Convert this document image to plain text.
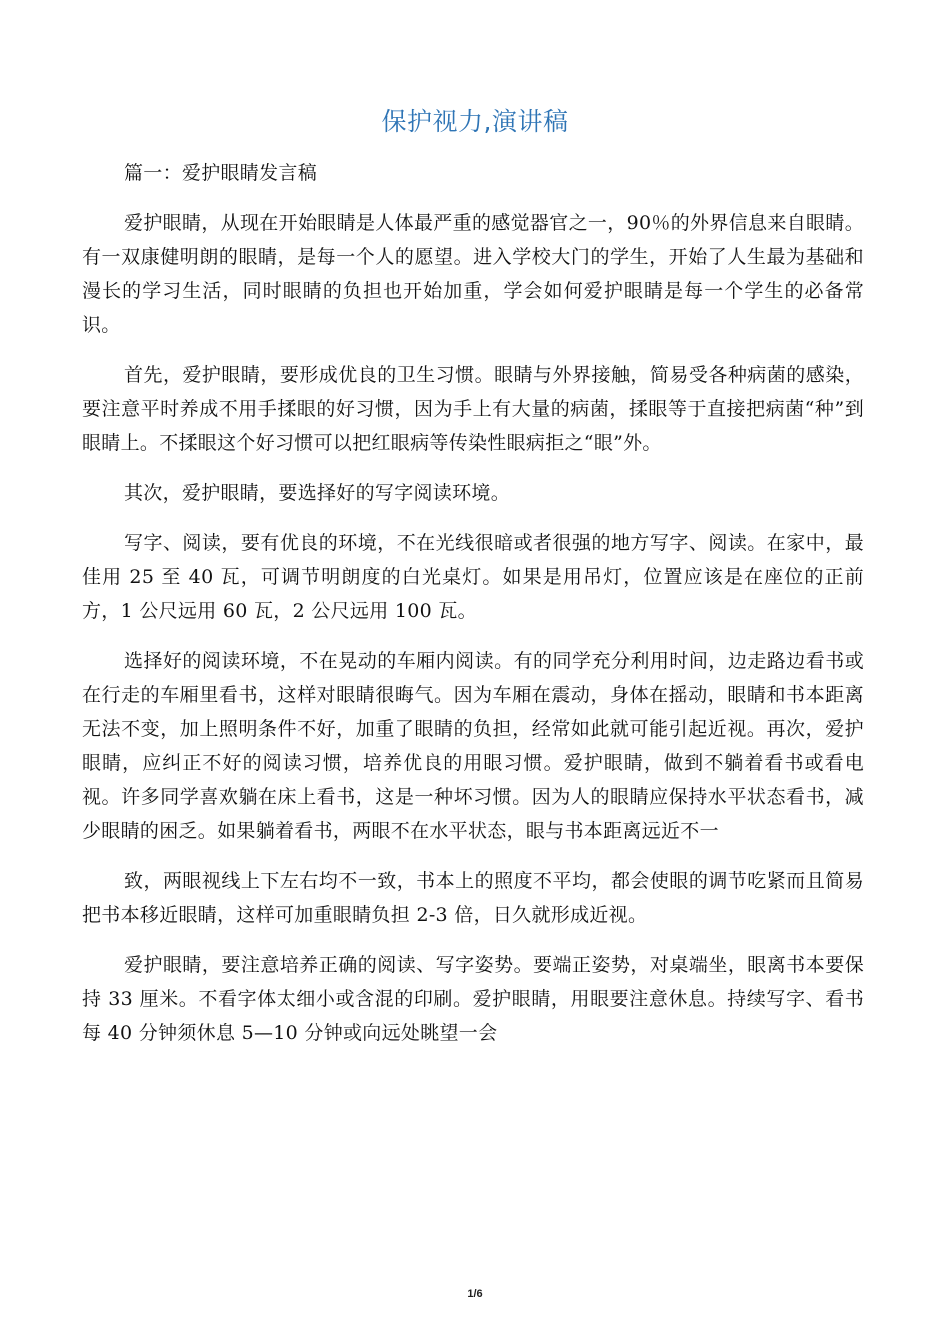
保护视力,演讲稿

篇一：爱护眼睛发言稿

爱护眼睛，从现在开始眼睛是人体最严重的感觉器官之一，90％的外界信息来自眼睛。有一双康健明朗的眼睛，是每一个人的愿望。进入学校大门的学生，开始了人生最为基础和漫长的学习生活，同时眼睛的负担也开始加重，学会如何爱护眼睛是每一个学生的必备常识。

首先，爱护眼睛，要形成优良的卫生习惯。眼睛与外界接触，简易受各种病菌的感染，要注意平时养成不用手揉眼的好习惯，因为手上有大量的病菌，揉眼等于直接把病菌“种”到眼睛上。不揉眼这个好习惯可以把红眼病等传染性眼病拒之“眼”外。

其次，爱护眼睛，要选择好的写字阅读环境。

写字、阅读，要有优良的环境，不在光线很暗或者很强的地方写字、阅读。在家中，最佳用 25 至 40 瓦，可调节明朗度的白光桌灯。如果是用吊灯，位置应该是在座位的正前方，1 公尺远用 60 瓦，2 公尺远用 100 瓦。

选择好的阅读环境，不在晃动的车厢内阅读。有的同学充分利用时间，边走路边看书或在行走的车厢里看书，这样对眼睛很晦气。因为车厢在震动，身体在摇动，眼睛和书本距离无法不变，加上照明条件不好，加重了眼睛的负担，经常如此就可能引起近视。再次，爱护眼睛，应纠正不好的阅读习惯，培养优良的用眼习惯。爱护眼睛，做到不躺着看书或看电视。许多同学喜欢躺在床上看书，这是一种坏习惯。因为人的眼睛应保持水平状态看书，减少眼睛的困乏。如果躺着看书，两眼不在水平状态，眼与书本距离远近不一

致，两眼视线上下左右均不一致，书本上的照度不平均，都会使眼的调节吃紧而且简易把书本移近眼睛，这样可加重眼睛负担 2-3 倍，日久就形成近视。

爱护眼睛，要注意培养正确的阅读、写字姿势。要端正姿势，对桌端坐，眼离书本要保持 33 厘米。不看字体太细小或含混的印刷。爱护眼睛，用眼要注意休息。持续写字、看书每 40 分钟须休息 5—10 分钟或向远处眺望一会

1/6
